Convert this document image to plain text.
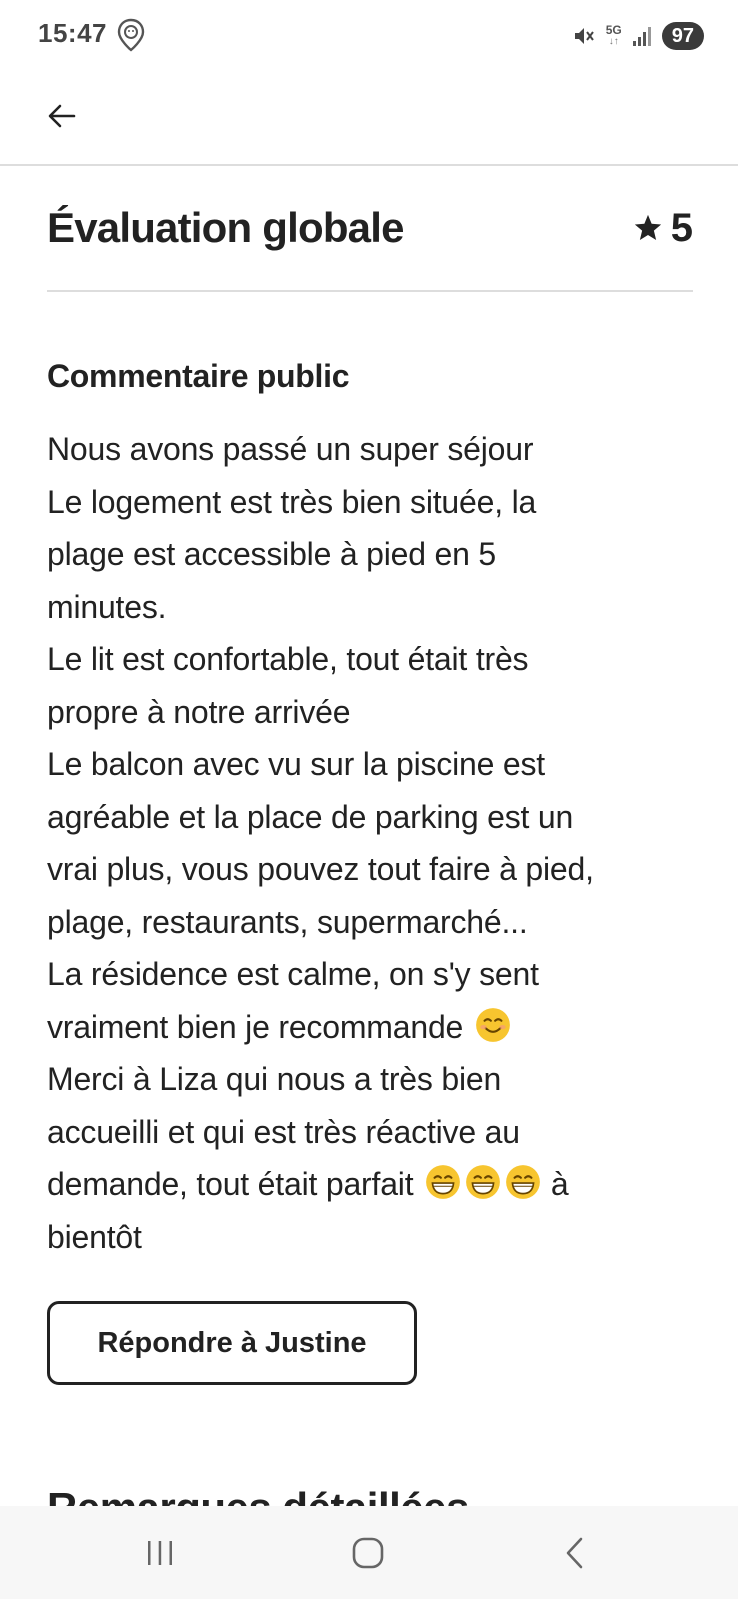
15:47	5G
↓↑	97
Évaluation globale	5
Commentaire public
Nous avons passé un super séjour
Le logement est très bien située, la
plage est accessible à pied en 5
minutes.
Le lit est confortable, tout était très
propre à notre arrivée
Le balcon avec vu sur la piscine est
agréable et la place de parking est un
vrai plus, vous pouvez tout faire à pied,
plage, restaurants, supermarché...
La résidence est calme, on s'y sent
vraiment bien je recommande
Merci à Liza qui nous a très bien
accueilli et qui est très réactive au
demande, tout était parfait	à
bientôt
Répondre à Justine
